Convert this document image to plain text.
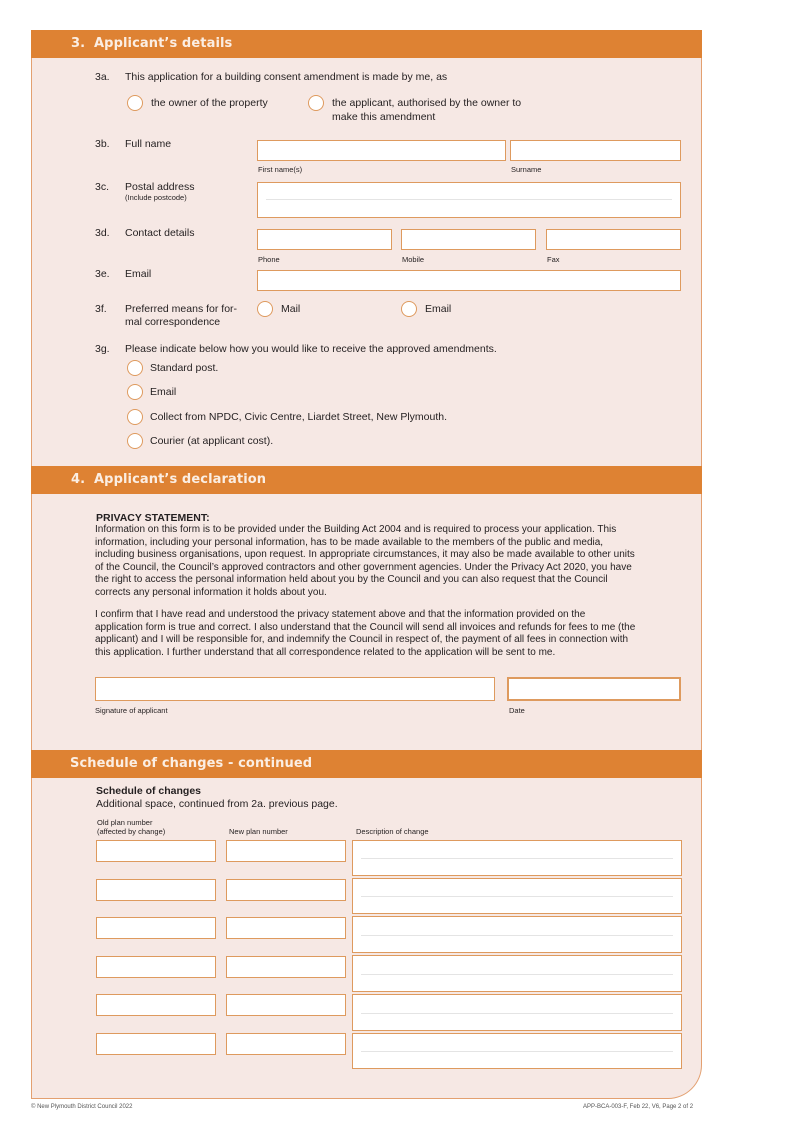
3. Applicant’s details
3a. This application for a building consent amendment is made by me, as
the owner of the property	the applicant, authorised by the owner to
make this amendment
3b. Full name
First name(s)	Surname
3c. Postal address
(Include postcode)
3d. Contact details
Phone	Mobile	Fax
3e. Email
3f. Preferred means for for-
mal correspondence
Mail	Email
3g. Please indicate below how you would like to receive the approved amendments.
Standard post.
Email
Collect from NPDC, Civic Centre, Liardet Street, New Plymouth.
Courier (at applicant cost).
4. Applicant’s declaration
PRIVACY STATEMENT:
Information on this form is to be provided under the Building Act 2004 and is required to process your application. This
information, including your personal information, has to be made available to the members of the public and media,
including business organisations, upon request. In appropriate circumstances, it may also be made available to other units
of the Council, the Council’s approved contractors and other government agencies. Under the Privacy Act 2020, you have
the right to access the personal information held about you by the Council and you can also request that the Council
corrects any personal information it holds about you.
I confirm that I have read and understood the privacy statement above and that the information provided on the
application form is true and correct. I also understand that the Council will send all invoices and refunds for fees to me (the
applicant) and I will be responsible for, and indemnify the Council in respect of, the payment of all fees in connection with
this application. I further understand that all correspondence related to the application will be sent to me.
Signature of applicant	Date
Schedule of changes - continued
Schedule of changes
Additional space, continued from 2a. previous page.
Old plan number
(affected by change)	New plan number	Description of change
© New Plymouth District Council 2022	APP-BCA-003-F, Feb 22, V6, Page 2 of 2
